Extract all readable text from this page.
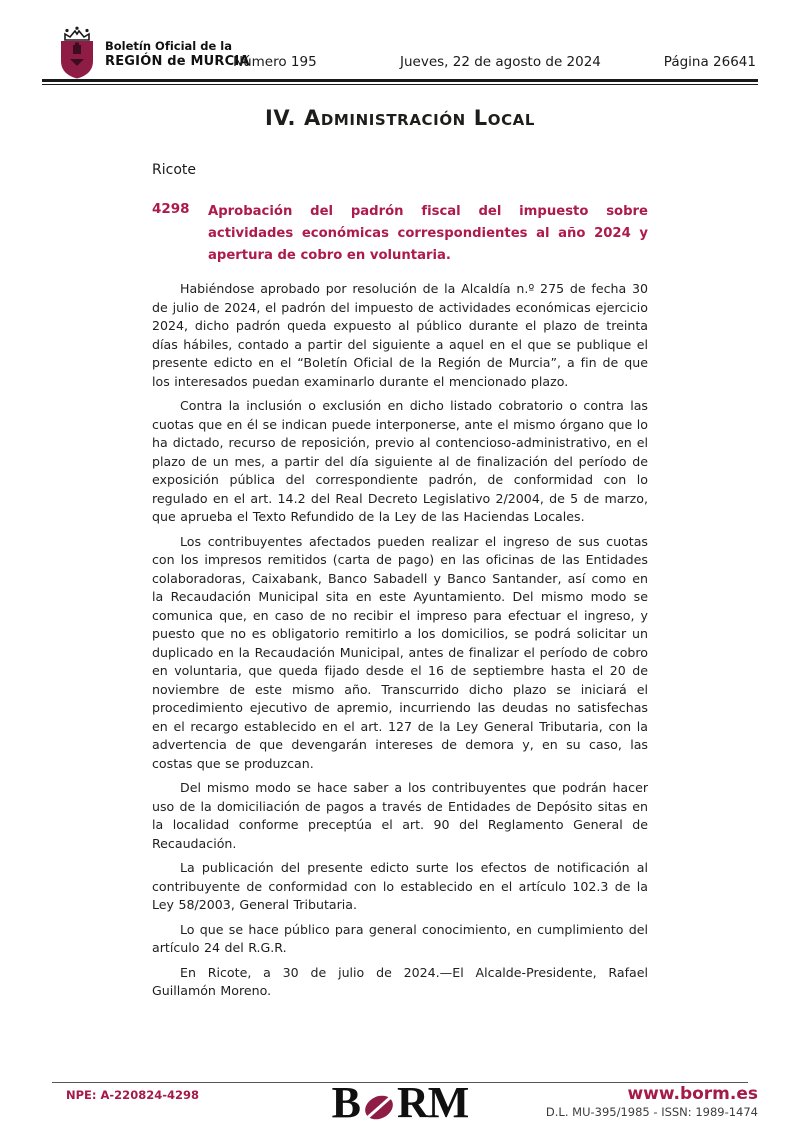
Boletín Oficial de la
REGIÓN de MURCIA
Número 195	Jueves, 22 de agosto de 2024	Página 26641
IV. Administración Local
Ricote
4298 Aprobación del padrón fiscal del impuesto sobre actividades económicas correspondientes al año 2024 y apertura de cobro en voluntaria.

Habiéndose aprobado por resolución de la Alcaldía n.º 275 de fecha 30 de julio de 2024, el padrón del impuesto de actividades económicas ejercicio 2024, dicho padrón queda expuesto al público durante el plazo de treinta días hábiles, contado a partir del siguiente a aquel en el que se publique el presente edicto en el “Boletín Oficial de la Región de Murcia”, a fin de que los interesados puedan examinarlo durante el mencionado plazo.

Contra la inclusión o exclusión en dicho listado cobratorio o contra las cuotas que en él se indican puede interponerse, ante el mismo órgano que lo ha dictado, recurso de reposición, previo al contencioso-administrativo, en el plazo de un mes, a partir del día siguiente al de finalización del período de exposición pública del correspondiente padrón, de conformidad con lo regulado en el art. 14.2 del Real Decreto Legislativo 2/2004, de 5 de marzo, que aprueba el Texto Refundido de la Ley de las Haciendas Locales.

Los contribuyentes afectados pueden realizar el ingreso de sus cuotas con los impresos remitidos (carta de pago) en las oficinas de las Entidades colaboradoras, Caixabank, Banco Sabadell y Banco Santander, así como en la Recaudación Municipal sita en este Ayuntamiento. Del mismo modo se comunica que, en caso de no recibir el impreso para efectuar el ingreso, y puesto que no es obligatorio remitirlo a los domicilios, se podrá solicitar un duplicado en la Recaudación Municipal, antes de finalizar el período de cobro en voluntaria, que queda fijado desde el 16 de septiembre hasta el 20 de noviembre de este mismo año. Transcurrido dicho plazo se iniciará el procedimiento ejecutivo de apremio, incurriendo las deudas no satisfechas en el recargo establecido en el art. 127 de la Ley General Tributaria, con la advertencia de que devengarán intereses de demora y, en su caso, las costas que se produzcan.

Del mismo modo se hace saber a los contribuyentes que podrán hacer uso de la domiciliación de pagos a través de Entidades de Depósito sitas en la localidad conforme preceptúa el art. 90 del Reglamento General de Recaudación.

La publicación del presente edicto surte los efectos de notificación al contribuyente de conformidad con lo establecido en el artículo 102.3 de la Ley 58/2003, General Tributaria.

Lo que se hace público para general conocimiento, en cumplimiento del artículo 24 del R.G.R.

En Ricote, a 30 de julio de 2024.—El Alcalde-Presidente, Rafael Guillamón Moreno.

NPE: A-220824-4298	B RM	www.borm.es
D.L. MU-395/1985 - ISSN: 1989-1474
